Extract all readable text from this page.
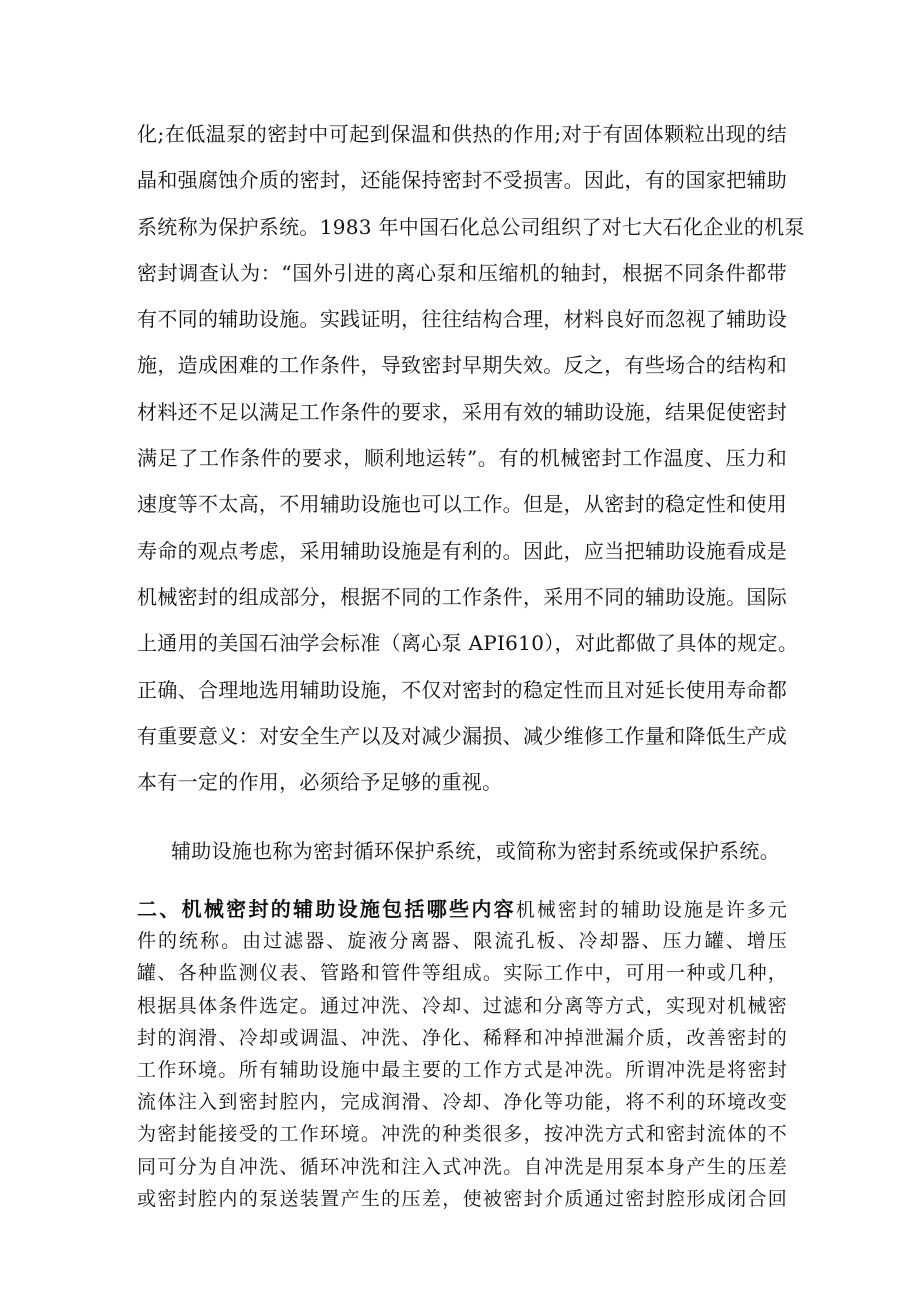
化;在低温泵的密封中可起到保温和供热的作用;对于有固体颗粒出现的结
晶和强腐蚀介质的密封，还能保持密封不受损害。因此，有的国家把辅助
系统称为保护系统。1983 年中国石化总公司组织了对七大石化企业的机泵
密封调查认为：“国外引进的离心泵和压缩机的轴封，根据不同条件都带
有不同的辅助设施。实践证明，往往结构合理，材料良好而忽视了辅助设
施，造成困难的工作条件，导致密封早期失效。反之，有些场合的结构和
材料还不足以满足工作条件的要求，采用有效的辅助设施，结果促使密封
满足了工作条件的要求，顺利地运转”。有的机械密封工作温度、压力和
速度等不太高，不用辅助设施也可以工作。但是，从密封的稳定性和使用
寿命的观点考虑，采用辅助设施是有利的。因此，应当把辅助设施看成是
机械密封的组成部分，根据不同的工作条件，采用不同的辅助设施。国际
上通用的美国石油学会标准（离心泵 API610），对此都做了具体的规定。
正确、合理地选用辅助设施，不仅对密封的稳定性而且对延长使用寿命都
有重要意义：对安全生产以及对减少漏损、减少维修工作量和降低生产成
本有一定的作用，必须给予足够的重视。
辅助设施也称为密封循环保护系统，或简称为密封系统或保护系统。
二、机械密封的辅助设施包括哪些内容机械密封的辅助设施是许多元
件的统称。由过滤器、旋液分离器、限流孔板、冷却器、压力罐、增压
罐、各种监测仪表、管路和管件等组成。实际工作中，可用一种或几种，
根据具体条件选定。通过冲洗、冷却、过滤和分离等方式，实现对机械密
封的润滑、冷却或调温、冲洗、净化、稀释和冲掉泄漏介质，改善密封的
工作环境。所有辅助设施中最主要的工作方式是冲洗。所谓冲洗是将密封
流体注入到密封腔内，完成润滑、冷却、净化等功能，将不利的环境改变
为密封能接受的工作环境。冲洗的种类很多，按冲洗方式和密封流体的不
同可分为自冲洗、循环冲洗和注入式冲洗。自冲洗是用泵本身产生的压差
或密封腔内的泵送装置产生的压差，使被密封介质通过密封腔形成闭合回
